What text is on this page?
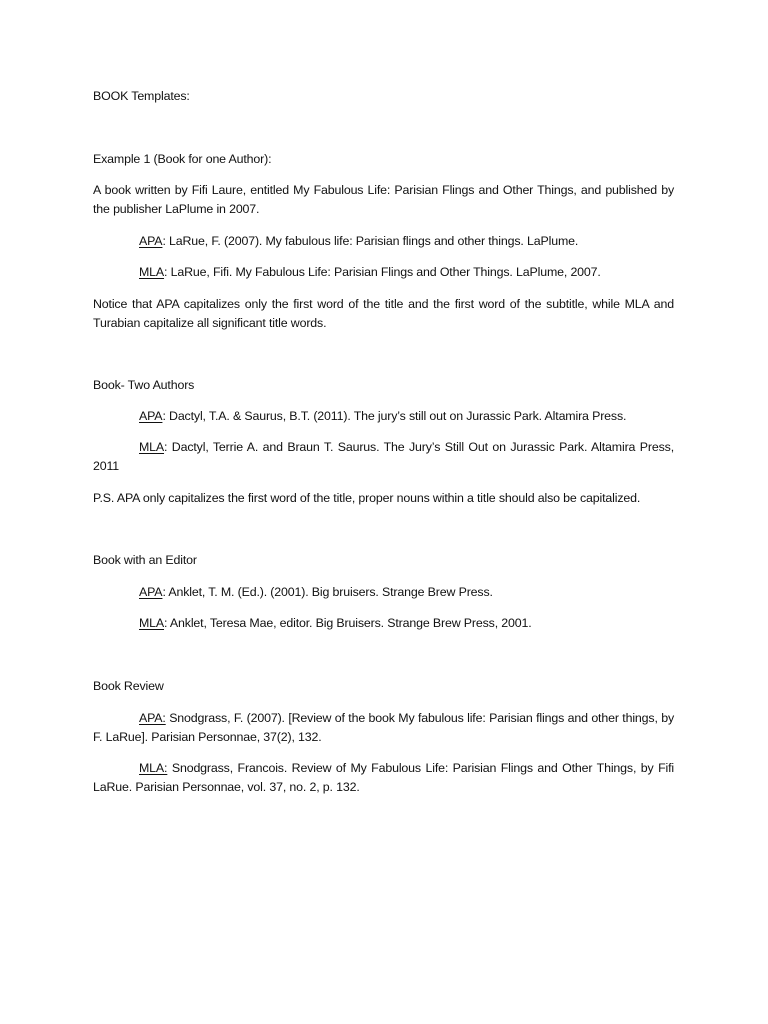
BOOK Templates:
Example 1 (Book for one Author):
A book written by Fifi Laure, entitled My Fabulous Life: Parisian Flings and Other Things, and published by the publisher LaPlume in 2007.
APA: LaRue, F. (2007). My fabulous life: Parisian flings and other things. LaPlume.
MLA: LaRue, Fifi. My Fabulous Life: Parisian Flings and Other Things. LaPlume, 2007.
Notice that APA capitalizes only the first word of the title and the first word of the subtitle, while MLA and Turabian capitalize all significant title words.
Book- Two Authors
APA: Dactyl, T.A. & Saurus, B.T. (2011). The jury’s still out on Jurassic Park. Altamira Press.
MLA: Dactyl, Terrie A. and Braun T. Saurus. The Jury’s Still Out on Jurassic Park. Altamira Press, 2011
P.S. APA only capitalizes the first word of the title, proper nouns within a title should also be capitalized.
Book with an Editor
APA: Anklet, T. M. (Ed.). (2001). Big bruisers. Strange Brew Press.
MLA: Anklet, Teresa Mae, editor. Big Bruisers. Strange Brew Press, 2001.
Book Review
APA: Snodgrass, F. (2007). [Review of the book My fabulous life: Parisian flings and other things, by F. LaRue]. Parisian Personnae, 37(2), 132.
MLA: Snodgrass, Francois. Review of My Fabulous Life: Parisian Flings and Other Things, by Fifi LaRue. Parisian Personnae, vol. 37, no. 2, p. 132.
